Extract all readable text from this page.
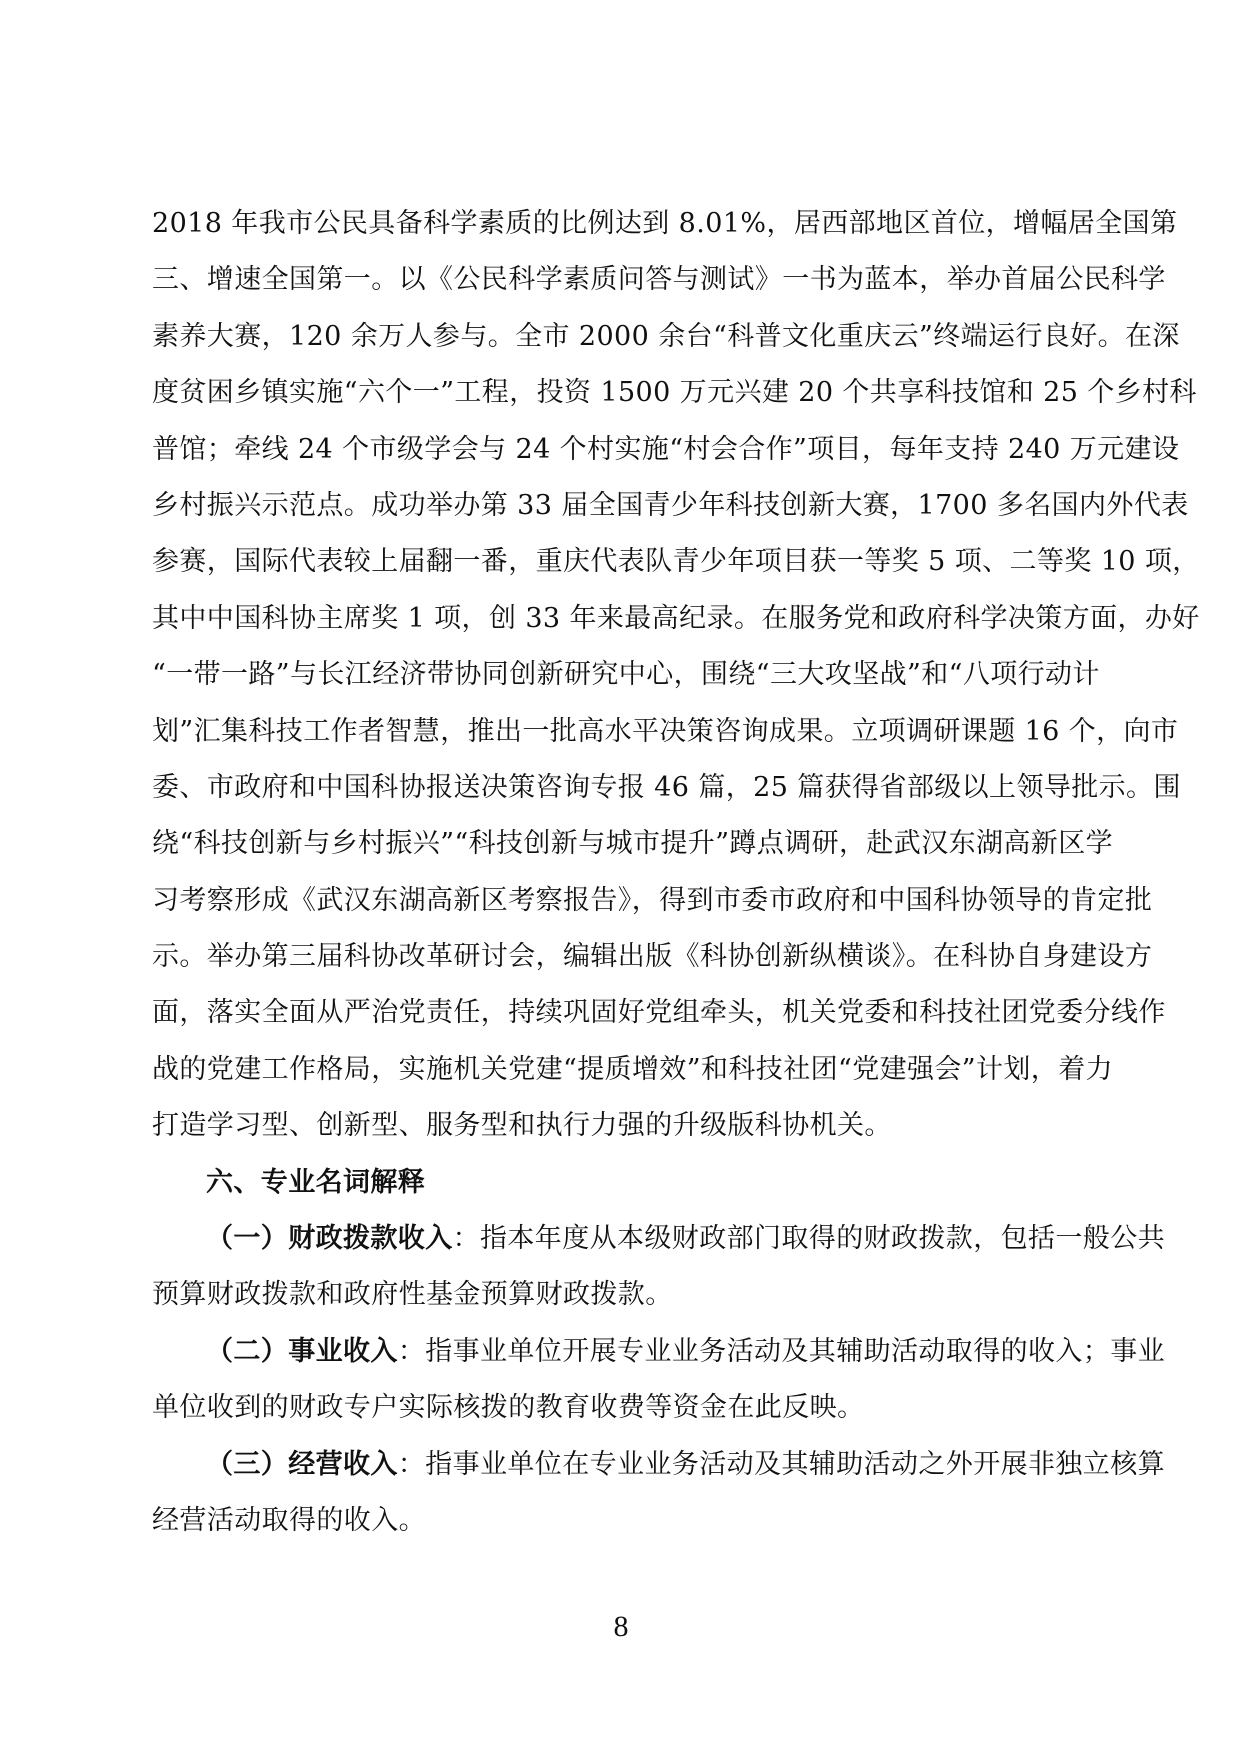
2018 年我市公民具备科学素质的比例达到 8.01%，居西部地区首位，增幅居全国第
三、增速全国第一。以《公民科学素质问答与测试》一书为蓝本，举办首届公民科学
素养大赛，120 余万人参与。全市 2000 余台“科普文化重庆云”终端运行良好。在深
度贫困乡镇实施“六个一”工程，投资 1500 万元兴建 20 个共享科技馆和 25 个乡村科
普馆；牵线 24 个市级学会与 24 个村实施“村会合作”项目，每年支持 240 万元建设
乡村振兴示范点。成功举办第 33 届全国青少年科技创新大赛，1700 多名国内外代表
参赛，国际代表较上届翻一番，重庆代表队青少年项目获一等奖 5 项、二等奖 10 项，
其中中国科协主席奖 1 项，创 33 年来最高纪录。在服务党和政府科学决策方面，办好
“一带一路”与长江经济带协同创新研究中心，围绕“三大攻坚战”和“八项行动计
划”汇集科技工作者智慧，推出一批高水平决策咨询成果。立项调研课题 16 个，向市
委、市政府和中国科协报送决策咨询专报 46 篇，25 篇获得省部级以上领导批示。围
绕“科技创新与乡村振兴”“科技创新与城市提升”蹲点调研，赴武汉东湖高新区学
习考察形成《武汉东湖高新区考察报告》，得到市委市政府和中国科协领导的肯定批
示。举办第三届科协改革研讨会，编辑出版《科协创新纵横谈》。在科协自身建设方
面，落实全面从严治党责任，持续巩固好党组牵头，机关党委和科技社团党委分线作
战的党建工作格局，实施机关党建“提质增效”和科技社团“党建强会”计划，着力
打造学习型、创新型、服务型和执行力强的升级版科协机关。
六、专业名词解释
（一）财政拨款收入：指本年度从本级财政部门取得的财政拨款，包括一般公共
预算财政拨款和政府性基金预算财政拨款。
（二）事业收入：指事业单位开展专业业务活动及其辅助活动取得的收入；事业
单位收到的财政专户实际核拨的教育收费等资金在此反映。
（三）经营收入：指事业单位在专业业务活动及其辅助活动之外开展非独立核算
经营活动取得的收入。
8
